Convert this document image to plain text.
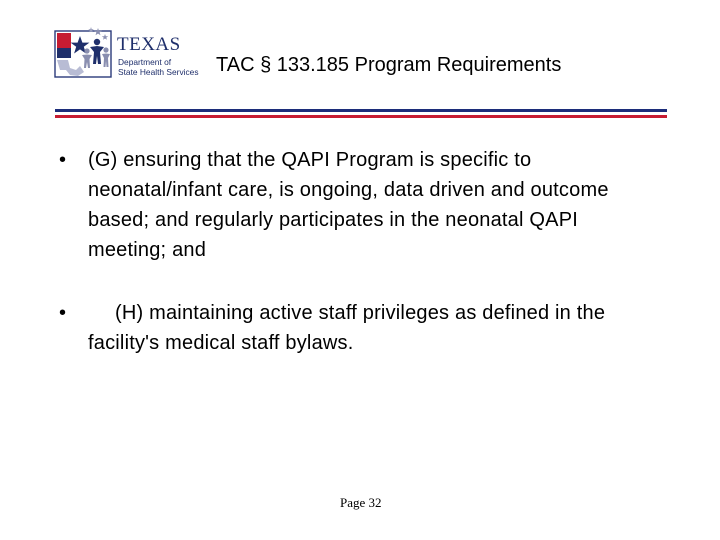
TEXAS
Department of
State Health Services TAC § 133.185 Program Requirements
• (G) ensuring that the QAPI Program is specific to neonatal/infant care, is ongoing, data driven and outcome based; and regularly participates in the neonatal QAPI meeting; and
•	(H) maintaining active staff privileges as defined in the facility's medical staff bylaws.
Page 32
